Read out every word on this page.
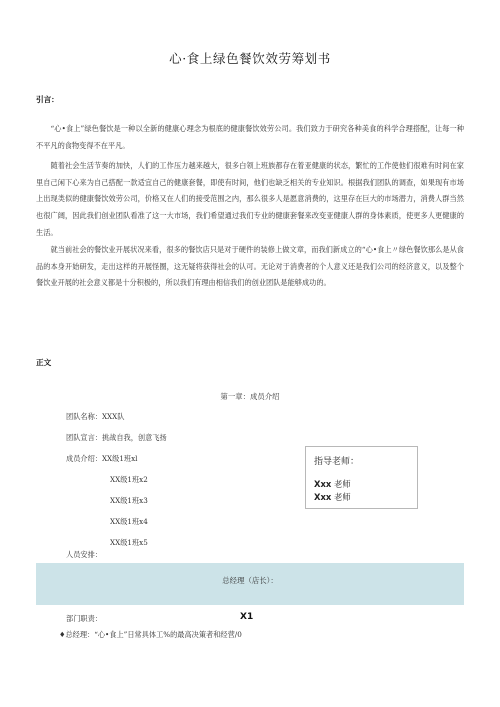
心·食上绿色餐饮效劳筹划书
引言：

“心•食上”绿色餐饮是一种以全新的健康心理念为根底的健康餐饮效劳公司。我们致力于研究各种美食的科学合理搭配，让每一种不平凡的食物变得不在平凡。

随着社会生活节奏的加快，人们的工作压力越来越大，很多白领上班族都存在着亚健康的状态，繁忙的工作使他们很难有时间在家里自己闲下心来为自己搭配一款适宜自己的健康套餐，即使有时间，他们也缺乏相关的专业知识。根据我们团队的调查，如果现有市场上出现类似的健康餐饮效劳公司，价格又在人们的接受范围之内，那么很多人是愿意消费的，这里存在巨大的市场潜力，消费人群当然也很广阔，因此我们创业团队看准了这一大市场，我们希望通过我们专业的健康套餐来改变亚健康人群的身体素质，使更多人更健康的生活。

就当前社会的餐饮业开展状况来看，很多的餐饮店只是对于硬件的装修上做文章，而我们新成立的“心•食上〃绿色餐饮那么是从食品的本身开始研发，走出这样的开展怪圈，这无疑将获得社会的认可。无论对于消费者的个人意义还是我们公司的经济意义，以及整个餐饮业开展的社会意义都是十分积极的，所以我们有理由相信我们的创业团队是能够成功的。

正文
第一章：成员介绍
团队名称：XXX队
团队宣言：挑战自我，创意飞扬
成员介绍：XX级1班xl
XX级1班x2
XX级1班x3
XX级1班x4
XX级1班x5
指导老师：
Xxx 老师
Xxx 老师
人员安排：
总经理（店长）：
部门职责：	X1
♦总经理：“心•食上”日常具体工%的最高决策者和经营/0
